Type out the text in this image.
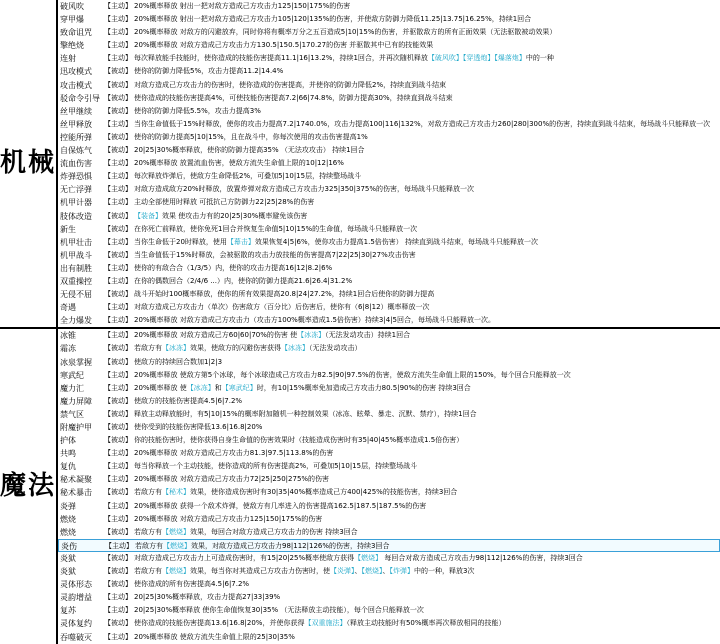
机械
破风吹	【主动】 20%概率释放 射出一把对敌方造成己方攻击力125|150|175%的伤害
穿甲爆	【主动】 20%概率释放 射出一把对敌方造成己方攻击力105|120|135%的伤害，并使敌方防御力降低11.25|13.75|16.25%，持续1回合
致命诅咒	【主动】 20%概率释放 对敌方的闪避放弃，同时你将有概率万分之五百造成5|10|15%的伤害，并驱散敌方的所有正面效果（无法驱散被动效果）
擎绝烧	【主动】 20%概率释放 对敌方造成己方攻击力方130.5|150.5|170.27的伤害 并驱散其中已有的技能效果
连射	【主动】 每次释放能手技能时，使你造成的技能伤害提高11.1|16|13.2%，持续1回合，并再次随机释放【破风吹】【穿透炮】【爆落炮】中的一种
迅攻模式	【被动】 使你的防御力降低5%，攻击力提高11.2|14.4%
攻击模式	【被动】 对敌方造成己方攻击力的伤害时，使你造成的伤害提高，并使你的防御力降低2%，持续直到战斗结束
驳命令引导 【被动】 使你造成的技能伤害提高4%，可使技能伤害提高7.2|66|74.8%，防御力提高30%，持续直到战斗结束
丝甲继续	【被动】 使你的防御力降低5.5%，攻击力提高3%
丝甲释放	【主动】 当你生命值低于15%时释放，使你的攻击力提高7.2|1740.0%，攻击力提高100|116|132%，对敌方造成己方攻击力260|280|300%的伤害，持续直到战斗结束，每场战斗只能释放一次
控能所弹	【被动】 使你的防御力提高5|10|15%，且在战斗中，你每次使用的攻击伤害提高1%
自保炼气	【被动】 20|25|30%概率释放，使你的防御力提高35% （无法攻攻击） 持续1回合
流血伤害	【主动】 20%概率释放 放置流血伤害，使敌方流失生命值上限的10|12|16%
炸弹恐惧	【主动】 每次释放炸弹后，使敌方生命降低2%，可叠加5|10|15层，持续整场战斗
无亡浮弹	【主动】 对敌方造成敌方20%时释放，放置炸弹对敌方造成己方攻击力325|350|375%的伤害，每场战斗只能释放一次
机甲计器	【主动】 主动全部使用时释放 可抵抗己方防御力22|25|28%的伤害
肢体改造	【被动】 【装备】效果 使攻击力有的20|25|30%概率避免该伤害
新生	【被动】 在你死亡前释放，使你免死1回合并恢复生命值5|10|15%的生命值，每场战斗只能释放一次
机甲壮击	【主动】 当你生命低于20时释放，使用【幕击】效果恢复4|5|6%，使你攻击力提高1.5倍伤害） 持续直到战斗结束，每场战斗只能释放一次
机甲战斗	【被动】 当生命值低于15%时释放，会被驱散的攻击力放技能的伤害提高7|22|25|30|27%攻击伤害
出有制胜	【主动】 使你的有敌合合（1/3/5）内，使你的攻击力提高16|12|8.2|6%
双重操控	【主动】 在你的偶数回合（2/4/6 ...）内，使你的防御力提高21.6|26.4|31.2%
无侵不屈	【被动】 战斗开始时100概率释放，使你的所有效果提高20.8|24|27.2%，持续1回合后使你的防御力提高
奇遇	【主动】 对敌方造成己方攻击力（单次）伤害敌方（百分比）后伤害后，使你有（6|8|12）概率释放一次
全力爆发	【主动】 20%概率释放 对敌方造成己方攻击力（攻击方100%概率造成1.5倍伤害）持续3|4|5回合，每场战斗只能释放一次。
魔法
冰锥	【主动】 20%概率释放 对敌方造成己方60|60|70%的伤害 使【冰冻】（无法发动攻击）持续1回合
霜冻	【被动】 若敌方有【冰冻】效果，使敌方的闪避伤害获得【冰冻】（无法发动攻击）
冰泉掌握	【被动】 使敌方的持续回合数加1|2|3
寒武纪	【主动】 20%概率释放 使敌方第5个冰球，每个冰球造成己方攻击力82.5|90|97.5%的伤害，使敌方流失生命值上限的150%，每个回合只能释放一次
魔力汇	【主动】 20%概率释放 使【冰冻】和【寒武纪】时，有10|15%概率免加造成己方攻击力80.5|90%的伤害 持续3回合
魔力屏障	【被动】 使敌方的技能伤害提高4.5|6|7.2%
禁气区	【被动】 释放主动释放能时，有5|10|15%的概率附加随机一种控制效果（冰冻、眩晕、暴走、沉默、禁疗），持续1回合
附魔护甲	【被动】 使你受到的技能伤害降低13.6|16.8|20%
护体	【被动】 你的技能伤害时，使你获得自身生命值的伤害效果时（技能造成伤害时有35|40|45%概率造成1.5倍伤害）
共鸣	【主动】 20%概率释放 对敌方造成己方攻击力81.3|97.5|113.8%的伤害
复仇	【主动】 每当你释放一个主动技能，使你造成的所有伤害提高2%，可叠加5|10|15层，持续整场战斗
秘术凝聚	【主动】 20%概率释放 对敌方造成己方攻击力72|25|250|275%的伤害
秘术暴击	【被动】 若敌方有【秘术】效果，使你造成伤害时有30|35|40%概率造成己方400|425%的技能伤害，持续3回合
炎弹	【主动】 20%概率释放 获得一个敌术炸弹，使敌方有几率进入的伤害提高162.5|187.5|187.5%的伤害
燃烧	【主动】 20%概率释放 对敌方造成己方攻击力125|150|175%的伤害
燃烧	【被动】 若敌方有【燃烧】效果，每回合对敌方造成己方攻击力的伤害 持续3回合
炎伤	【主动】 若敌方有【燃烧】效果，对敌方造成己方攻击力98|112|126%的伤害，持续3回合
炎狱	【被动】 对敌方造成己方攻击力上可造成伤害时，有15|20|25%概率使敌方获得【燃烧】 每回合对敌方造成己方攻击力98|112|126%的伤害，持续3回合
炎狱	【被动】 若敌方有【燃烧】效果，每当你对其造成己方攻击力伤害时，使【炎弹】、【燃烧】、【炸弹】中的一种，释放3次
灵体形态	【被动】 使你造成的所有伤害提高4.5|6|7.2%
灵韵增益	【主动】 20|25|30%概率释放，攻击力提高27|33|39%
复苏	【主动】 20|25|30%概率释放 使你生命值恢复30|35% （无法释放主动技能），每个回合只能释放一次
灵体复约	【被动】 使你造成的技能伤害提高13.6|16.8|20%，并使你获得【双重施法】（释放主动技能时有50%概率再次释放相同的技能）
吞噬破灭	【主动】 20%概率释放 使敌方流失生命值上限的25|30|35%
